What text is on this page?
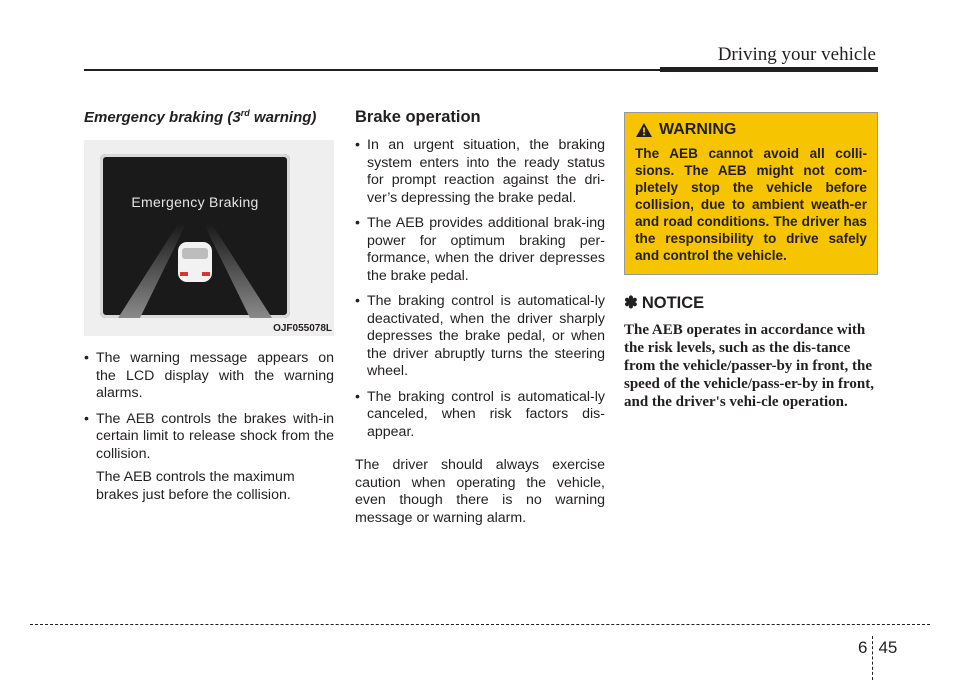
Driving your vehicle

Emergency braking (3rd warning)

Emergency Braking
OJF055078L
• The warning message appears on the LCD display with the warning alarms.
• The AEB controls the brakes with-in certain limit to release shock from the collision.

The AEB controls the maximum brakes just before the collision.

Brake operation

• In an urgent situation, the braking system enters into the ready status for prompt reaction against the dri-ver’s depressing the brake pedal.
• The AEB provides additional brak-ing power for optimum braking per-formance, when the driver depresses the brake pedal.
• The braking control is automatical-ly deactivated, when the driver sharply depresses the brake pedal, or when the driver abruptly turns the steering wheel.
• The braking control is automatical-ly canceled, when risk factors dis-appear.

The driver should always exercise caution when operating the vehicle, even though there is no warning message or warning alarm.

WARNING
The AEB cannot avoid all colli-sions. The AEB might not com-pletely stop the vehicle before collision, due to ambient weath-er and road conditions. The driver has the responsibility to drive safely and control the vehicle.
✽ NOTICE

The AEB operates in accordance with the risk levels, such as the dis-tance from the vehicle/passer-by in front, the speed of the vehicle/pass-er-by in front, and the driver's vehi-cle operation.

6 45
